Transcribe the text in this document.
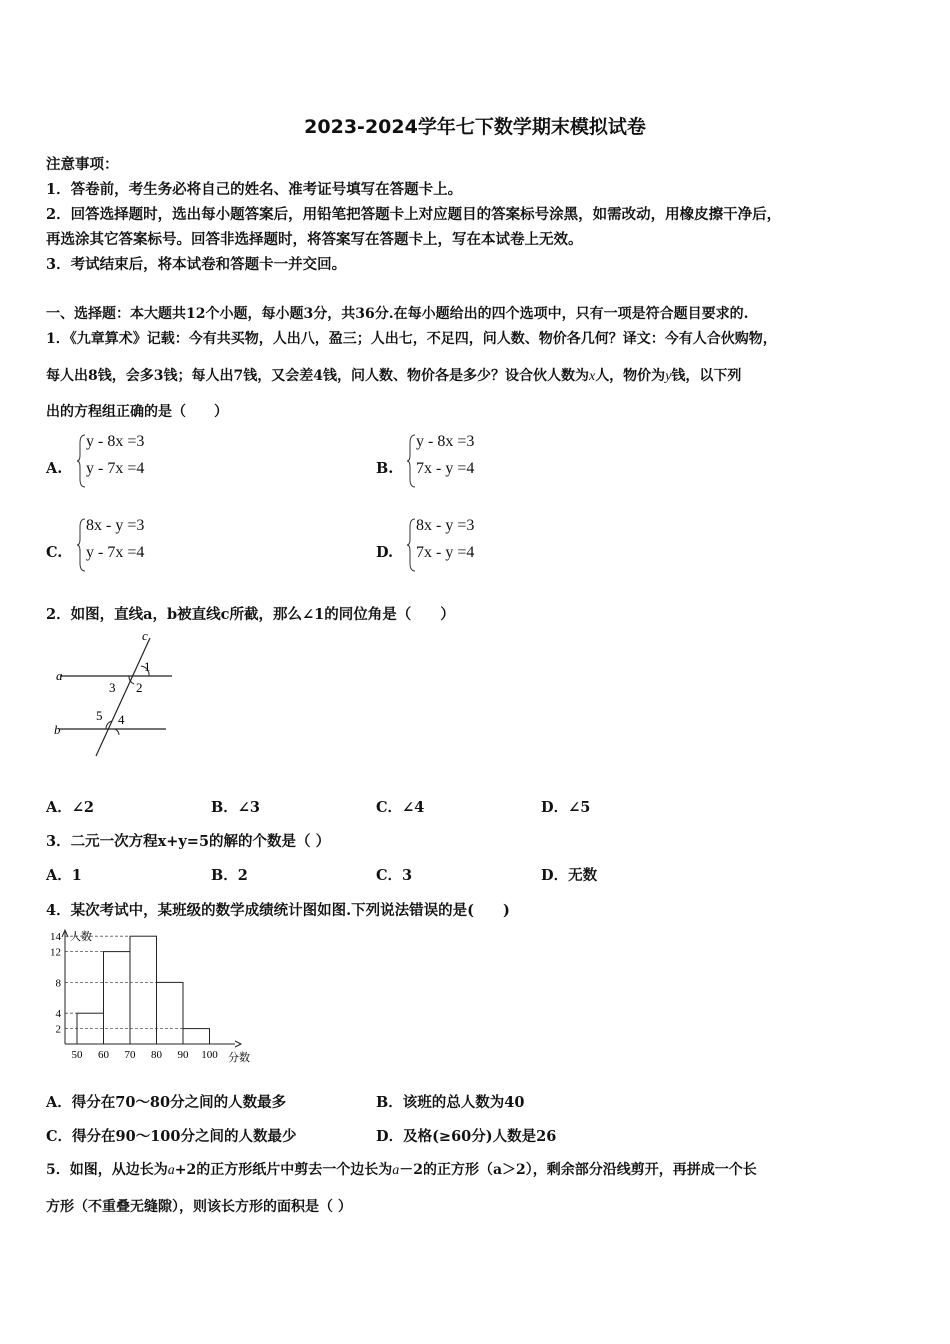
2023-2024学年七下数学期末模拟试卷
注意事项：
1．答卷前，考生务必将自己的姓名、准考证号填写在答题卡上。
2．回答选择题时，选出每小题答案后，用铅笔把答题卡上对应题目的答案标号涂黑，如需改动，用橡皮擦干净后，
再选涂其它答案标号。回答非选择题时，将答案写在答题卡上，写在本试卷上无效。
3．考试结束后，将本试卷和答题卡一并交回。
一、选择题：本大题共12个小题，每小题3分，共36分.在每小题给出的四个选项中，只有一项是符合题目要求的.
1．《九章算术》记载：今有共买物，人出八，盈三；人出七，不足四，问人数、物价各几何？译文：今有人合伙购物，
每人出8钱，会多3钱；每人出7钱，又会差4钱，问人数、物价各是多少？设合伙人数为x人，物价为y钱，以下列
出的方程组正确的是（　　）
A.
y - 8x =3
y - 7x =4	B.
y - 8x =3
7x - y =4
C.
8x - y =3
y - 7x =4	D.
8x - y =3
7x - y =4
2．如图，直线a，b被直线c所截，那么∠1的同位角是（　　）
a
b
c
1
2
3
4
5
A．∠2	B．∠3	C．∠4	D．∠5
3．二元一次方程x+y=5的解的个数是（ ）
A．1	B．2	C．3	D．无数
4．某次考试中，某班级的数学成绩统计图如图.下列说法错误的是(　　)
2
4
8
12
14
50 60 70 80 90 100
人数
分数
A．得分在70～80分之间的人数最多	B．该班的总人数为40
C．得分在90～100分之间的人数最少	D．及格(≥60分)人数是26
5．如图，从边长为a+2的正方形纸片中剪去一个边长为a－2的正方形（a＞2），剩余部分沿线剪开，再拼成一个长
方形（不重叠无缝隙），则该长方形的面积是（ ）
